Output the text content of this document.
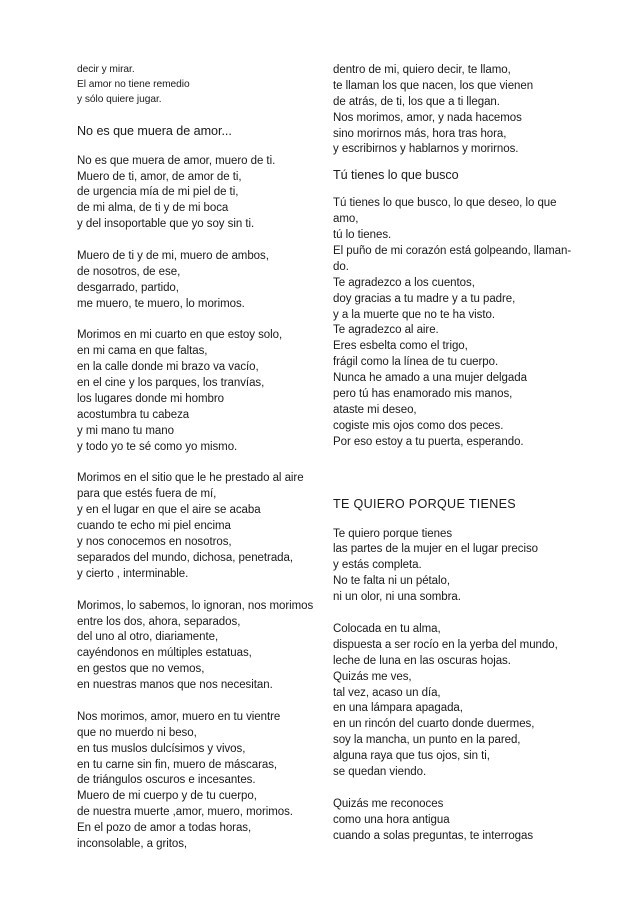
decir y mirar.
El amor no tiene remedio
y sólo quiere jugar.
No es que muera de amor...
No es que muera de amor, muero de ti.
Muero de ti, amor, de amor de ti,
de urgencia mía de mi piel de ti,
de mi alma, de ti y de mi boca
y del insoportable que yo soy sin ti.
Muero de ti y de mi, muero de ambos,
de nosotros, de ese,
desgarrado, partido,
me muero, te muero, lo morimos.
Morimos en mi cuarto en que estoy solo,
en mi cama en que faltas,
en la calle donde mi brazo va vacío,
en el cine y los parques, los tranvías,
los lugares donde mi hombro
acostumbra tu cabeza
y mi mano tu mano
y todo yo te sé como yo mismo.
Morimos en el sitio que le he prestado al aire
para que estés fuera de mí,
y en el lugar en que el aire se acaba
cuando te echo mi piel encima
y nos conocemos en nosotros,
separados del mundo, dichosa, penetrada,
y cierto , interminable.
Morimos, lo sabemos, lo ignoran, nos morimos
entre los dos, ahora, separados,
del uno al otro, diariamente,
cayéndonos en múltiples estatuas,
en gestos que no vemos,
en nuestras manos que nos necesitan.
Nos morimos, amor, muero en tu vientre
que no muerdo ni beso,
en tus muslos dulcísimos y vivos,
en tu carne sin fin, muero de máscaras,
de triángulos oscuros e incesantes.
Muero de mi cuerpo y de tu cuerpo,
de nuestra muerte ,amor, muero, morimos.
En el pozo de amor a todas horas,
inconsolable, a gritos,
dentro de mi, quiero decir, te llamo,
te llaman los que nacen, los que vienen
de atrás, de ti, los que a ti llegan.
Nos morimos, amor, y nada hacemos
sino morirnos más, hora tras hora,
y escribirnos y hablarnos y morirnos.
Tú tienes lo que busco
Tú tienes lo que busco, lo que deseo, lo que
amo,
tú lo tienes.
El puño de mi corazón está golpeando, llaman-
do.
Te agradezco a los cuentos,
doy gracias a tu madre y a tu padre,
y a la muerte que no te ha visto.
Te agradezco al aire.
Eres esbelta como el trigo,
frágil como la línea de tu cuerpo.
Nunca he amado a una mujer delgada
pero tú has enamorado mis manos,
ataste mi deseo,
cogiste mis ojos como dos peces.
Por eso estoy a tu puerta, esperando.
TE QUIERO PORQUE TIENES
Te quiero porque tienes
las partes de la mujer en el lugar preciso
y estás completa.
No te falta ni un pétalo,
ni un olor, ni una sombra.
Colocada en tu alma,
dispuesta a ser rocío en la yerba del mundo,
leche de luna en las oscuras hojas.
Quizás me ves,
tal vez, acaso un día,
en una lámpara apagada,
en un rincón del cuarto donde duermes,
soy la mancha, un punto en la pared,
alguna raya que tus ojos, sin ti,
se quedan viendo.
Quizás me reconoces
como una hora antigua
cuando a solas preguntas, te interrogas
